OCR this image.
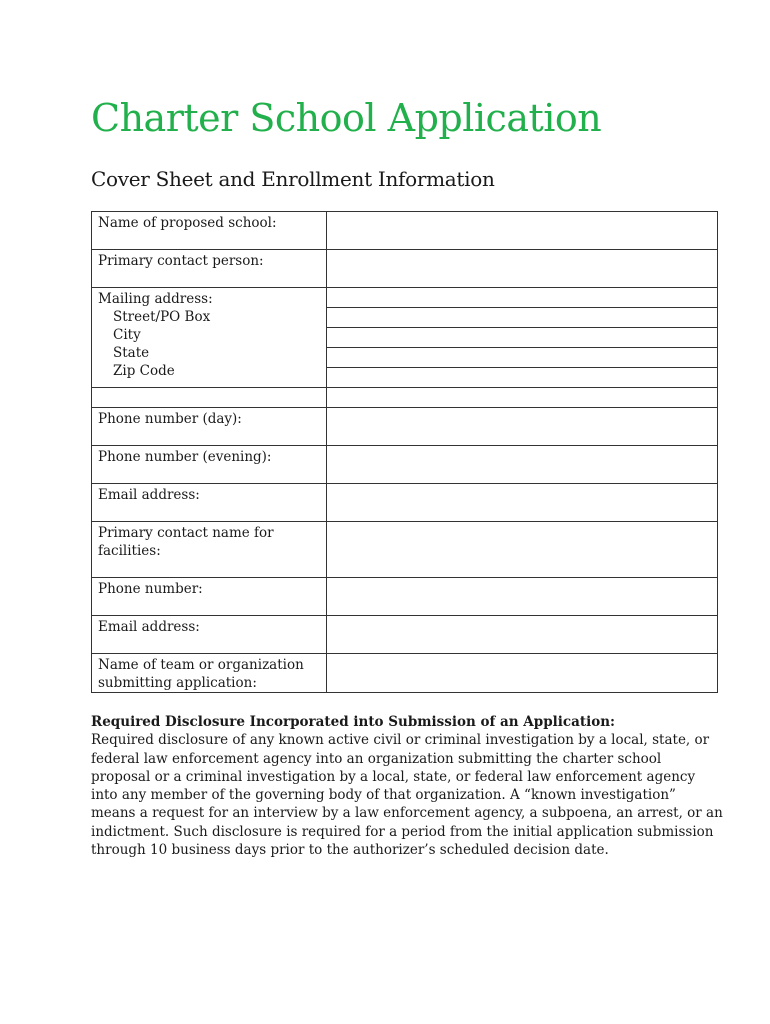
Charter School Application
Cover Sheet and Enrollment Information
Name of proposed school:	

Primary contact person:	

Mailing address:
Street/PO Box
City
State
Zip Code	

Phone number (day):	

Phone number (evening):	

Email address:	

Primary contact name for
facilities:	

Phone number:	

Email address:	

Name of team or organization
submitting application:	

Required Disclosure Incorporated into Submission of an Application:
Required disclosure of any known active civil or criminal investigation by a local, state, or
federal law enforcement agency into an organization submitting the charter school
proposal or a criminal investigation by a local, state, or federal law enforcement agency
into any member of the governing body of that organization. A “known investigation”
means a request for an interview by a law enforcement agency, a subpoena, an arrest, or an
indictment. Such disclosure is required for a period from the initial application submission
through 10 business days prior to the authorizer’s scheduled decision date.
